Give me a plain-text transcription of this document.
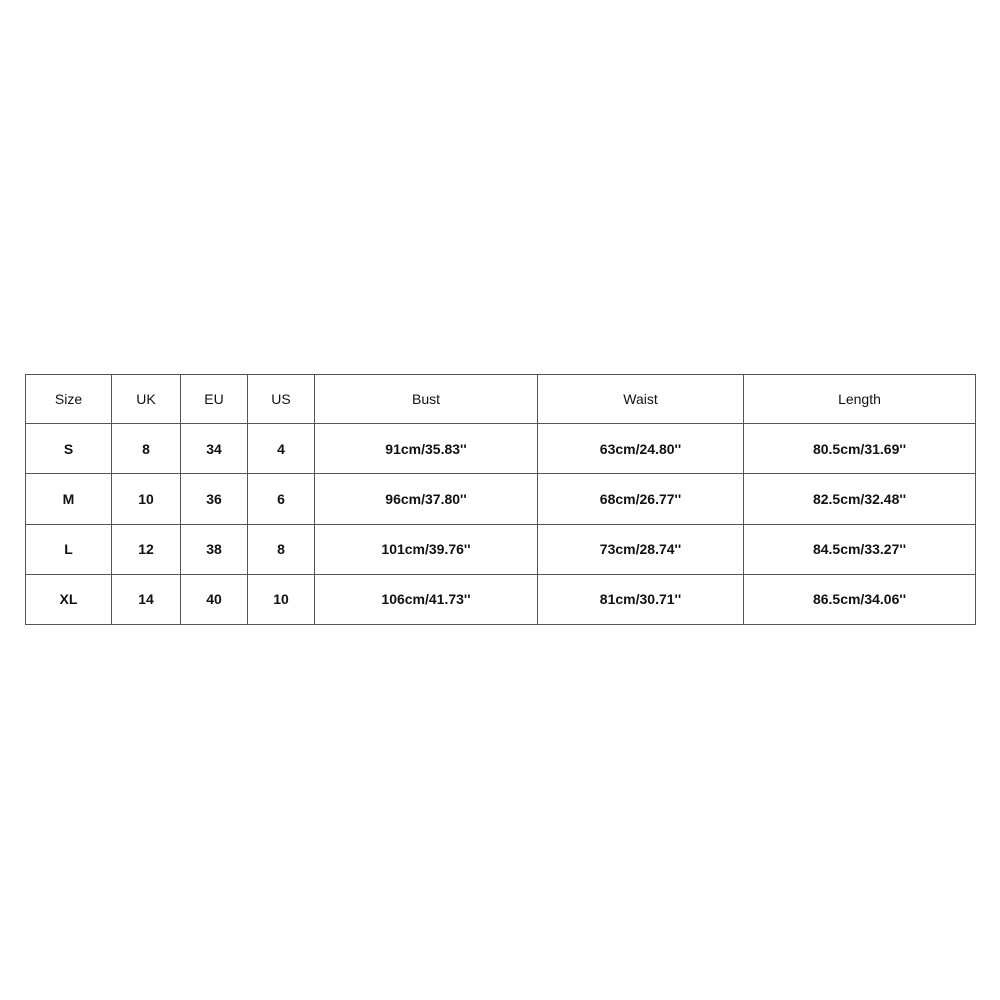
Size	UK	EU	US	Bust	Waist	Length
S	8	34	4	91cm/35.83''	63cm/24.80''	80.5cm/31.69''
M	10	36	6	96cm/37.80''	68cm/26.77''	82.5cm/32.48''
L	12	38	8	101cm/39.76''	73cm/28.74''	84.5cm/33.27''
XL	14	40	10	106cm/41.73''	81cm/30.71''	86.5cm/34.06''
